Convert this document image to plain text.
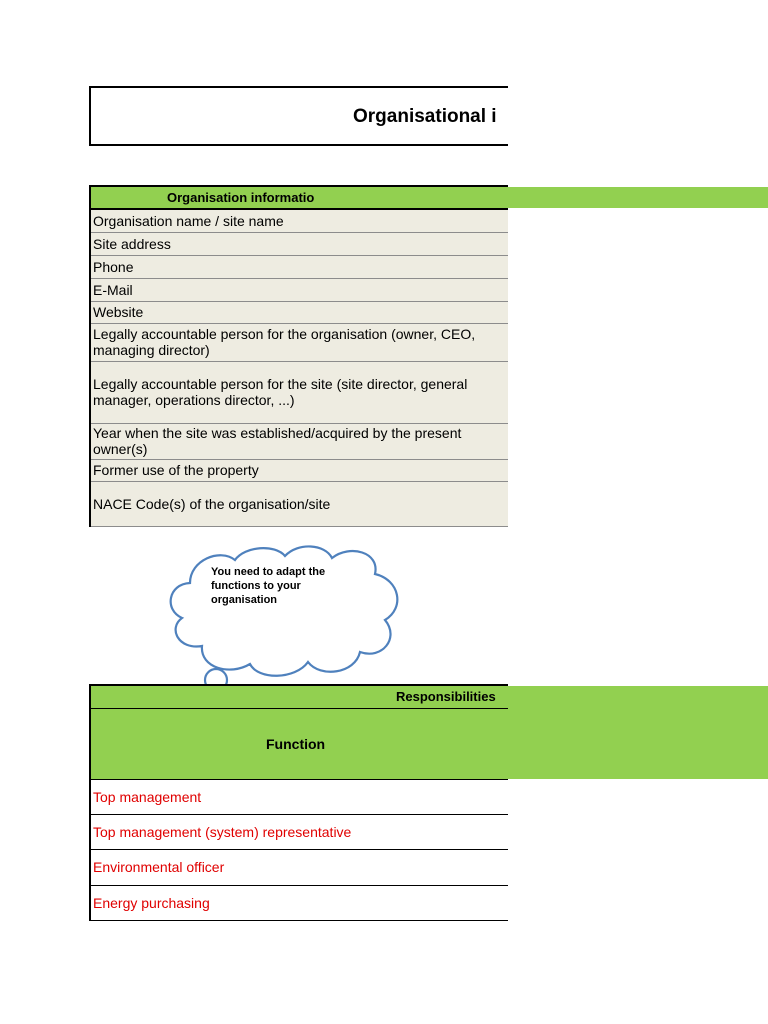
Organisational i
Organisation informatio	
Organisation name / site name	
Site address	
Phone	
E-Mail	
Website	
Legally accountable person for the organisation (owner, CEO, managing director)	
Legally accountable person for the site (site director, general manager, operations director, ...)	
Year when the site was established/acquired by the present owner(s)	
Former use of the property	
NACE Code(s) of the organisation/site	
You need to adapt the functions to your organisation
Responsibilities	
Function	
Top management	
Top management (system) representative	
Environmental officer	
Energy purchasing	
